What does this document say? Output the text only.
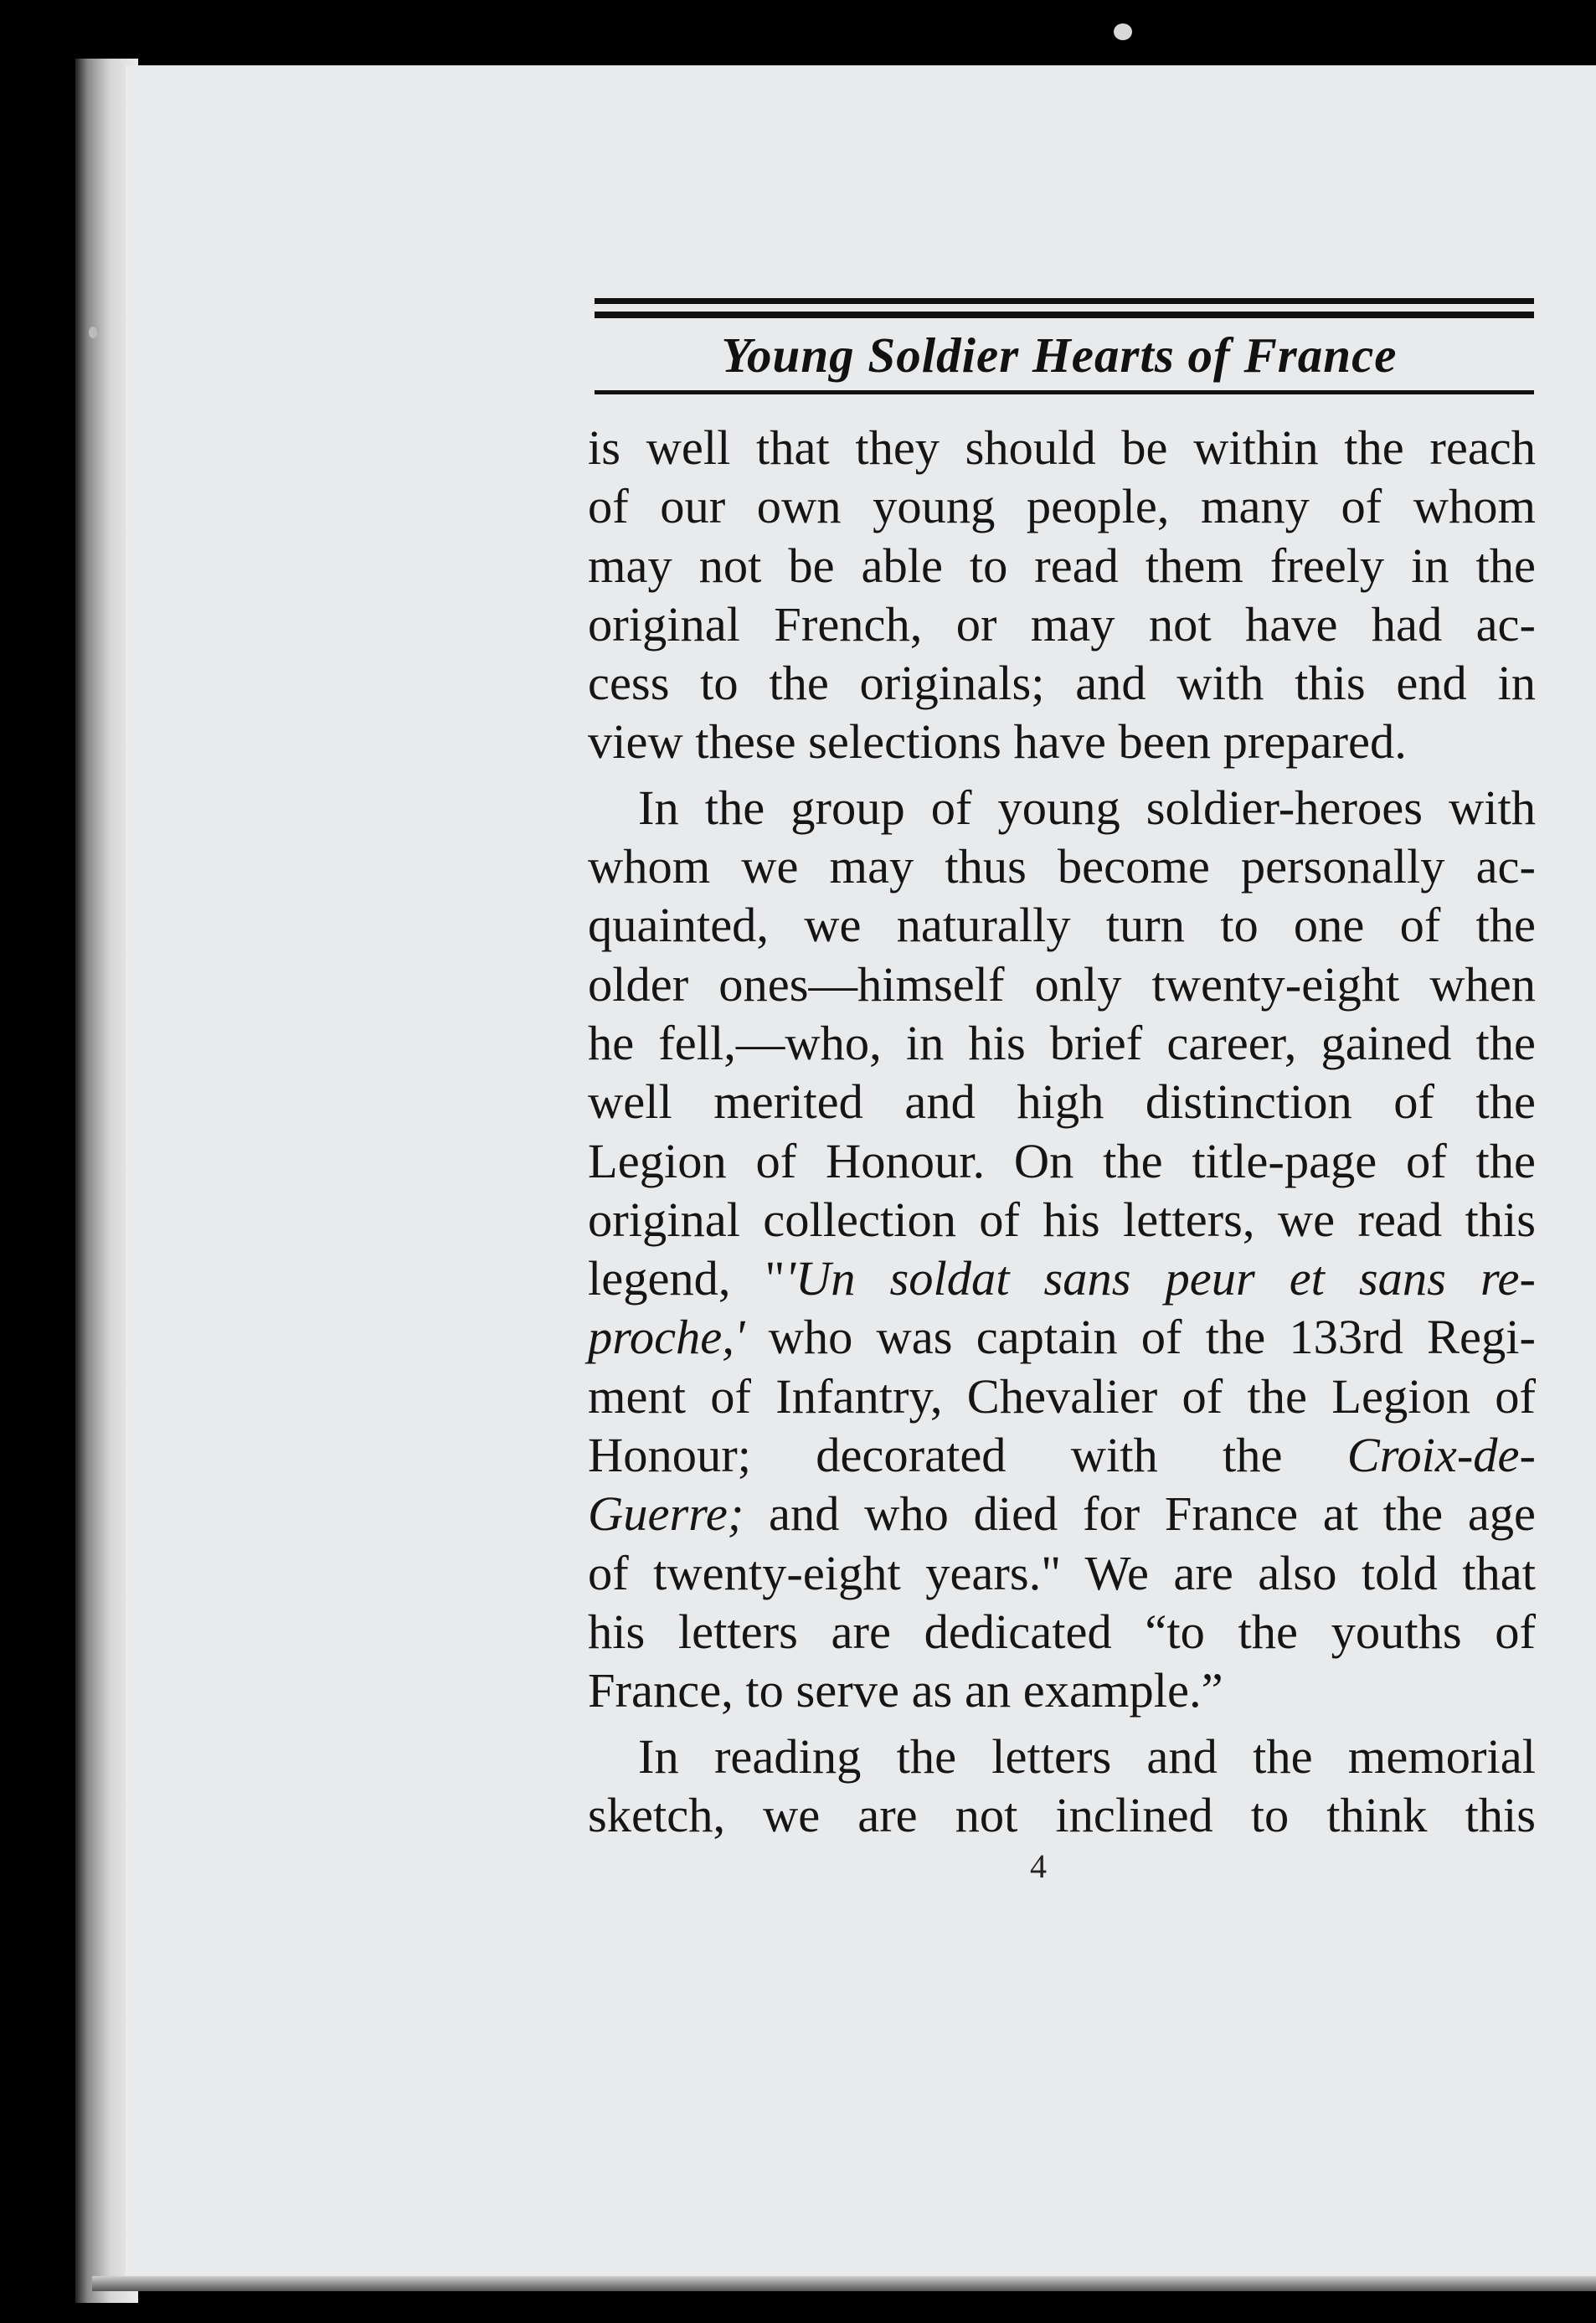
Young Soldier Hearts of France
is well that they should be within the reach
of our own young people, many of whom
may not be able to read them freely in the
original French, or may not have had ac-
cess to the originals; and with this end in
view these selections have been prepared.
In the group of young soldier-heroes with
whom we may thus become personally ac-
quainted, we naturally turn to one of the
older ones—himself only twenty-eight when
he fell,—who, in his brief career, gained the
well merited and high distinction of the
Legion of Honour. On the title-page of the
original collection of his letters, we read this
legend, "'Un soldat sans peur et sans re-
proche,' who was captain of the 133rd Regi-
ment of Infantry, Chevalier of the Legion of
Honour; decorated with the Croix-de-
Guerre; and who died for France at the age
of twenty-eight years." We are also told that
his letters are dedicated “to the youths of
France, to serve as an example.”
In reading the letters and the memorial
sketch, we are not inclined to think this
4
